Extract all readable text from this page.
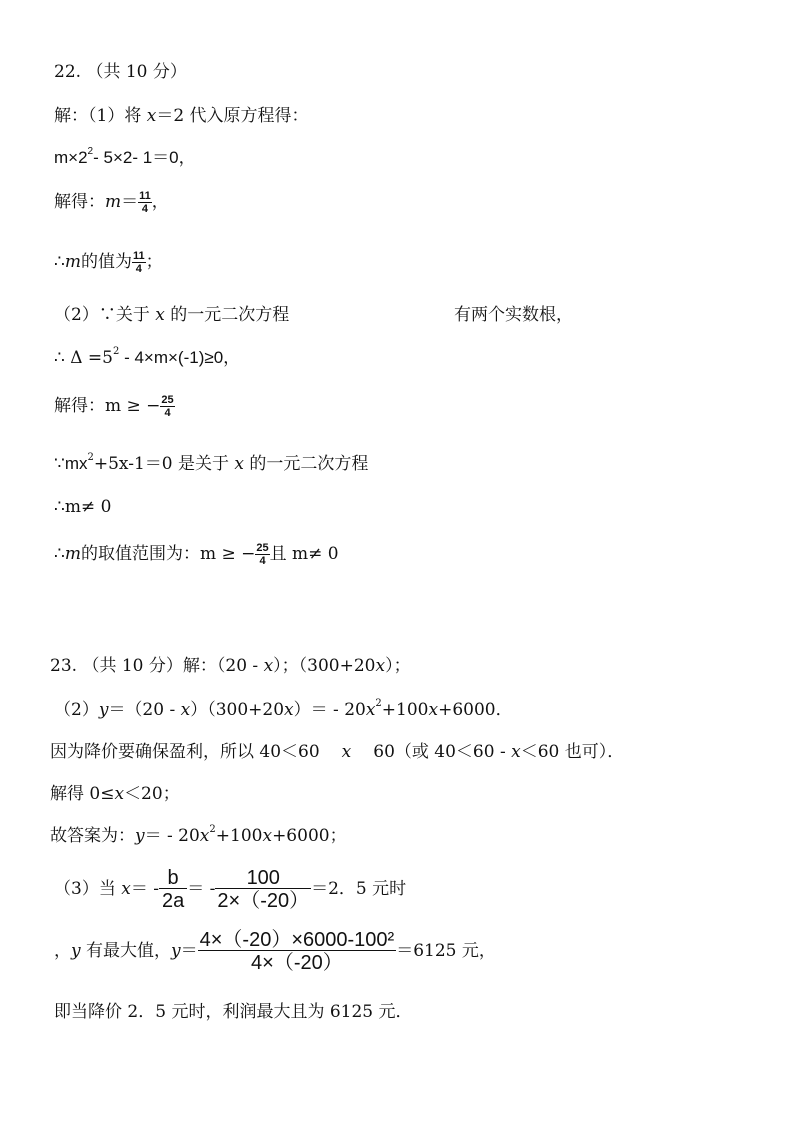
22. （共 10 分）
解：（1）将 x＝2 代入原方程得：
$m\times 2^2-$ 5×2- 1＝0，
解得：$m= \frac{11}{4}$ ，
∴m的值为 $\frac{11}{4}$ ；
（2）∵关于 x 的一元二次方程	有两个实数根，
∴ $\Delta =5^2 - 4\times m\times(-1)\ge 0$，
解得：m ≥ − $\frac{25}{4}$
$\because mx^2+5x-1=0$ 是关于 x 的一元二次方程
∴m≠ 0
∴m的取值范围为：m ≥ − $\frac{25}{4}$ 且 m≠ 0
23. （共 10 分）解：（20 - x）；（300+20x）；
$(2)y=(20 - x)(300+20x)= - 20x^2+100x+6000$．
因为降价要确保盈利，所以 40＜60 x 60（或 40＜60 - x＜60 也可）．
解得 0≤x＜20；
故答案为：$y= - 20x^2+100x+6000$；
（3）当 $x= - \frac{b}{2a}$ ＝ - $\frac{100}{2\times(-20)} =2$．5 元时
，y 有最大值，$y= \frac{\text{4×（-20）×6000-100²}}{4\times(-20)} =6125$ 元，
即当降价 2．5 元时，利润最大且为 6125 元．
